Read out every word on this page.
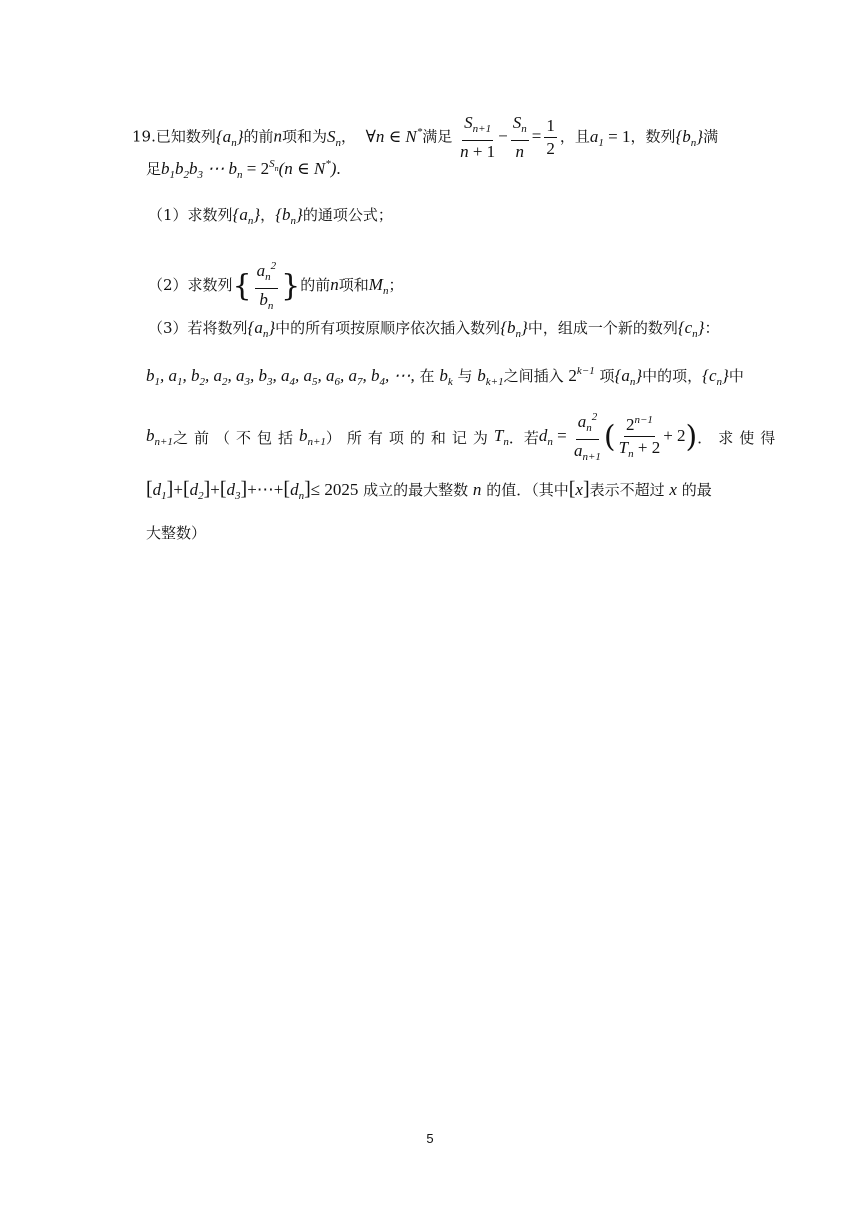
19.已知数列$\{a_n\}$的前n项和为$S_n$，  ∀n ∈ N*满足 $\frac{S_{n+1}}{n + 1} - \frac{S_n}{n} = \frac{1}{2}$ ，且$a_1 = 1$，数列$\{b_n\}$满
足$b_1b_2b_3$ ⋯ $b_n = 2^{S_n}(n$ ∈ N*).
（1）求数列$\{a_n\}$，$\{b_n\}$的通项公式；
（2）求数列{ $\frac{a_n^2}{b_n}$ }的前n项和$M_n$；
（3）若将数列$\{a_n\}$中的所有项按原顺序依次插入数列$\{b_n\}$中，组成一个新的数列$\{c_n\}$：
$b_1$, $a_1$, $b_2$, $a_2$, $a_3$, $b_3$, $a_4$, $a_5$, $a_6$, $a_7$, $b_4$, ⋯, 在 $b_k$ 与 $b_{k+1}$之间插入 $2^{k-1}$ 项$\{a_n\}$中的项，$\{c_n\}$中
$b_{n+1}$ 之前（不包括 $b_{n+1}$ ）所有项的和记为 $T_n$ ．若 $d_n = \frac{a_n^2}{a_{n+1}}$ ( $\frac{2^{n-1}}{T_n + 2} + 2$) ．求使得
$[d_1]+[d_2]+[d_3]+\cdots+[d_n]\le 2025$ 成立的最大整数 n 的值．（其中[x]表示不超过 x 的最
大整数）
5
